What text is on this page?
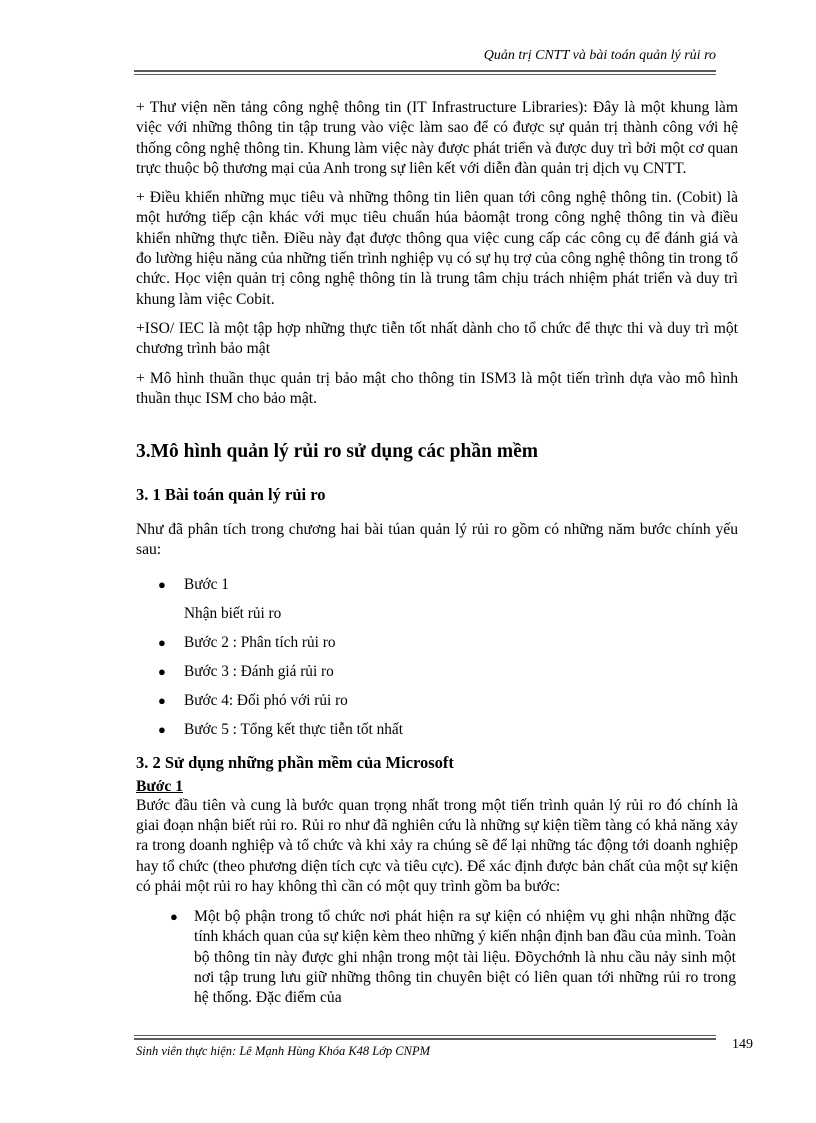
Quản trị CNTT và bài toán quản lý rủi ro

+ Thư viện nền tảng công nghệ thông tin (IT Infrastructure Libraries): Đây là một khung làm việc với những thông tin tập trung vào việc làm sao để có được sự quản trị thành công với hệ thống công nghệ thông tin. Khung làm việc này được phát triển và được duy trì bởi một cơ quan trực thuộc bộ thương mại của Anh trong sự liên kết với diễn đàn quản trị dịch vụ CNTT.

+ Điều khiển những mục tiêu và những thông tin liên quan tới công nghệ thông tin. (Cobit) là một hướng tiếp cận khác với mục tiêu chuẩn húa bảomật trong công nghệ thông tin và điều khiển những thực tiễn. Điều này đạt được thông qua việc cung cấp các công cụ để đánh giá và đo lường hiệu năng của những tiến trình nghiệp vụ có sự hụ trợ của công nghệ thông tin trong tổ chức. Học viện quản trị công nghệ thông tin là trung tâm chịu trách nhiệm phát triển và duy trì khung làm việc Cobit.

+ISO/ IEC là một tập hợp những thực tiễn tốt nhất dành cho tổ chức để thực thi và duy trì một chương trình bảo mật

+ Mô hình thuần thục quản trị bảo mật cho thông tin ISM3 là một tiến trình dựa vào mô hình thuần thục ISM cho bảo mật.

3.Mô hình quản lý rủi ro sử dụng các phần mềm
3. 1 Bài toán quản lý rủi ro

Như đã phân tích trong chương hai bài túan quản lý rủi ro gồm có những năm bước chính yếu sau:

● Bước 1
Nhận biết rủi ro
● Bước 2 : Phân tích rủi ro
● Bước 3 : Đánh giá rủi ro
● Bước 4: Đối phó với rủi ro
● Bước 5 : Tổng kết thực tiễn tốt nhất
3. 2 Sử dụng những phần mềm của Microsoft
Bước 1

Bước đầu tiên và cung là bước quan trọng nhất trong một tiến trình quản lý rủi ro đó chính là giai đoạn nhận biết rủi ro. Rủi ro như đã nghiên cứu là những sự kiện tiềm tàng có khả năng xảy ra trong doanh nghiệp và tổ chức và khi xảy ra chúng sẽ để lại những tác động tới doanh nghiệp hay tổ chức (theo phương diện tích cực và tiêu cực). Để xác định được bản chất của một sự kiện có phải một rủi ro hay không thì cần có một quy trình gồm ba bước:

● Một bộ phận trong tổ chức nơi phát hiện ra sự kiện có nhiệm vụ ghi nhận những đặc tính khách quan của sự kiện kèm theo những ý kiến nhận định ban đầu của mình. Toàn bộ thông tin này được ghi nhận trong một tài liệu. Đõychớnh là nhu cầu nảy sinh một nơi tập trung lưu giữ những thông tin chuyên biệt có liên quan tới những rủi ro trong hệ thống. Đặc điểm của
Sinh viên thực hiện: Lê Mạnh Hùng Khóa K48 Lớp CNPM	149
